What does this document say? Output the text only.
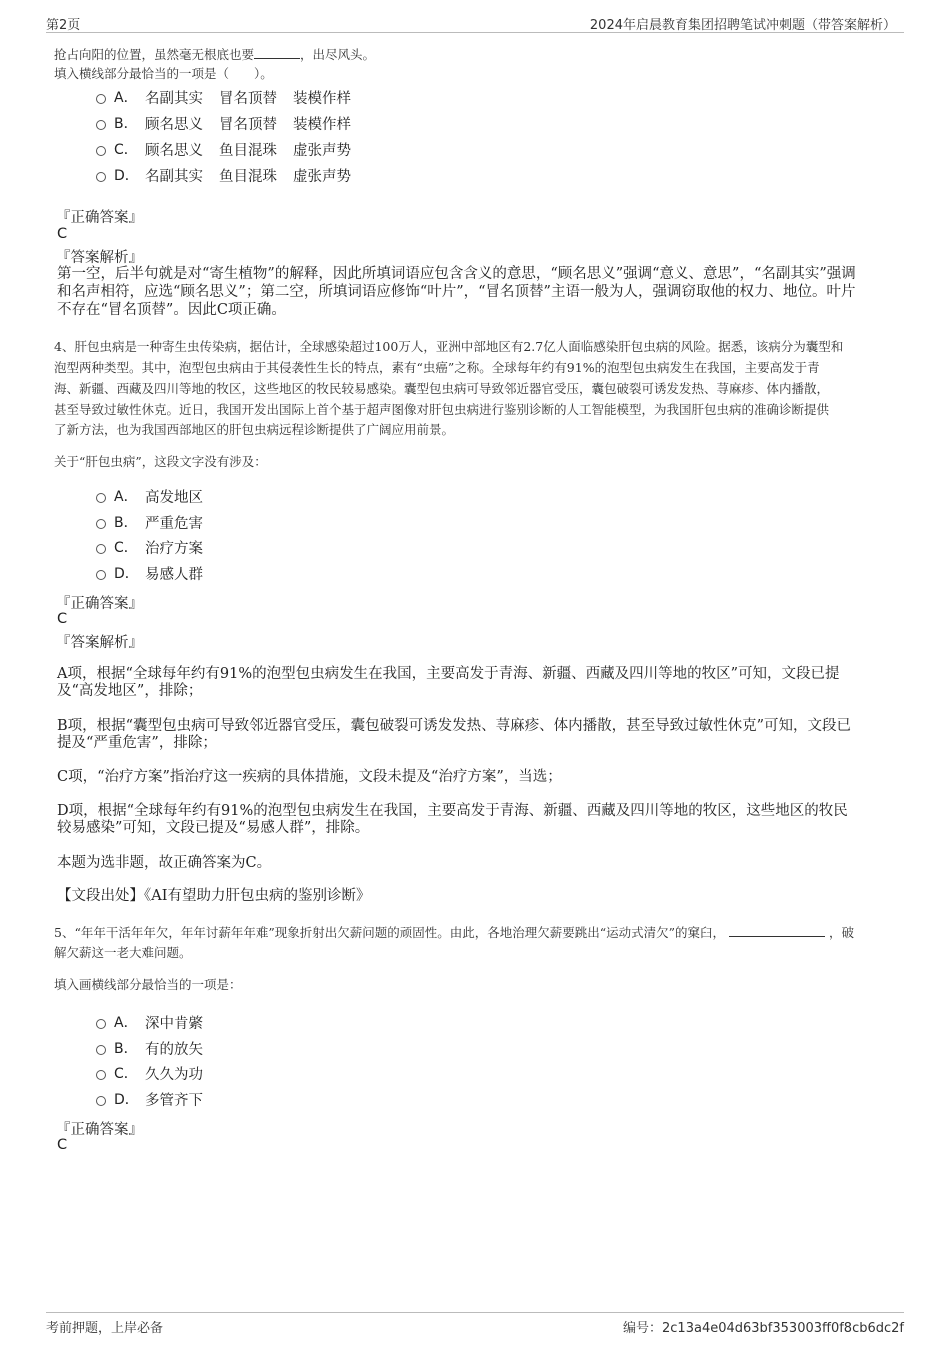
第2页	2024年启晨教育集团招聘笔试冲刺题（带答案解析）
抢占向阳的位置，虽然毫无根底也要	，出尽风头。
填入横线部分最恰当的一项是（　　）。
A． 名副其实 冒名顶替 装模作样
B． 顾名思义 冒名顶替 装模作样
C． 顾名思义 鱼目混珠 虚张声势
D． 名副其实 鱼目混珠 虚张声势
『正确答案』
C
『答案解析』
第一空，后半句就是对“寄生植物”的解释，因此所填词语应包含含义的意思，“顾名思义”强调“意义、意思”，“名副其实”强调
和名声相符，应选“顾名思义”；第二空，所填词语应修饰“叶片”，“冒名顶替”主语一般为人，强调窃取他的权力、地位。叶片
不存在“冒名顶替”。因此C项正确。
4、肝包虫病是一种寄生虫传染病，据估计，全球感染超过100万人，亚洲中部地区有2.7亿人面临感染肝包虫病的风险。据悉，该病分为囊型和
泡型两种类型。其中，泡型包虫病由于其侵袭性生长的特点，素有“虫癌”之称。全球每年约有91%的泡型包虫病发生在我国，主要高发于青
海、新疆、西藏及四川等地的牧区，这些地区的牧民较易感染。囊型包虫病可导致邻近器官受压，囊包破裂可诱发发热、荨麻疹、体内播散，
甚至导致过敏性休克。近日，我国开发出国际上首个基于超声图像对肝包虫病进行鉴别诊断的人工智能模型，为我国肝包虫病的准确诊断提供
了新方法，也为我国西部地区的肝包虫病远程诊断提供了广阔应用前景。
关于“肝包虫病”，这段文字没有涉及：
A． 高发地区
B． 严重危害
C． 治疗方案
D． 易感人群
『正确答案』
C
『答案解析』
A项，根据“全球每年约有91%的泡型包虫病发生在我国，主要高发于青海、新疆、西藏及四川等地的牧区”可知，文段已提
及“高发地区”，排除；
B项，根据“囊型包虫病可导致邻近器官受压，囊包破裂可诱发发热、荨麻疹、体内播散，甚至导致过敏性休克”可知，文段已
提及“严重危害”，排除；
C项，“治疗方案”指治疗这一疾病的具体措施，文段未提及“治疗方案”，当选；
D项，根据“全球每年约有91%的泡型包虫病发生在我国，主要高发于青海、新疆、西藏及四川等地的牧区，这些地区的牧民
较易感染”可知，文段已提及“易感人群”，排除。
本题为选非题，故正确答案为C。
【文段出处】《AI有望助力肝包虫病的鉴别诊断》
5、“年年干活年年欠，年年讨薪年年难”现象折射出欠薪问题的顽固性。由此，各地治理欠薪要跳出“运动式清欠”的窠臼，	，破
解欠薪这一老大难问题。
填入画横线部分最恰当的一项是：
A． 深中肯綮
B． 有的放矢
C． 久久为功
D． 多管齐下
『正确答案』
C
考前押题，上岸必备	编号：2c13a4e04d63bf353003ff0f8cb6dc2f
